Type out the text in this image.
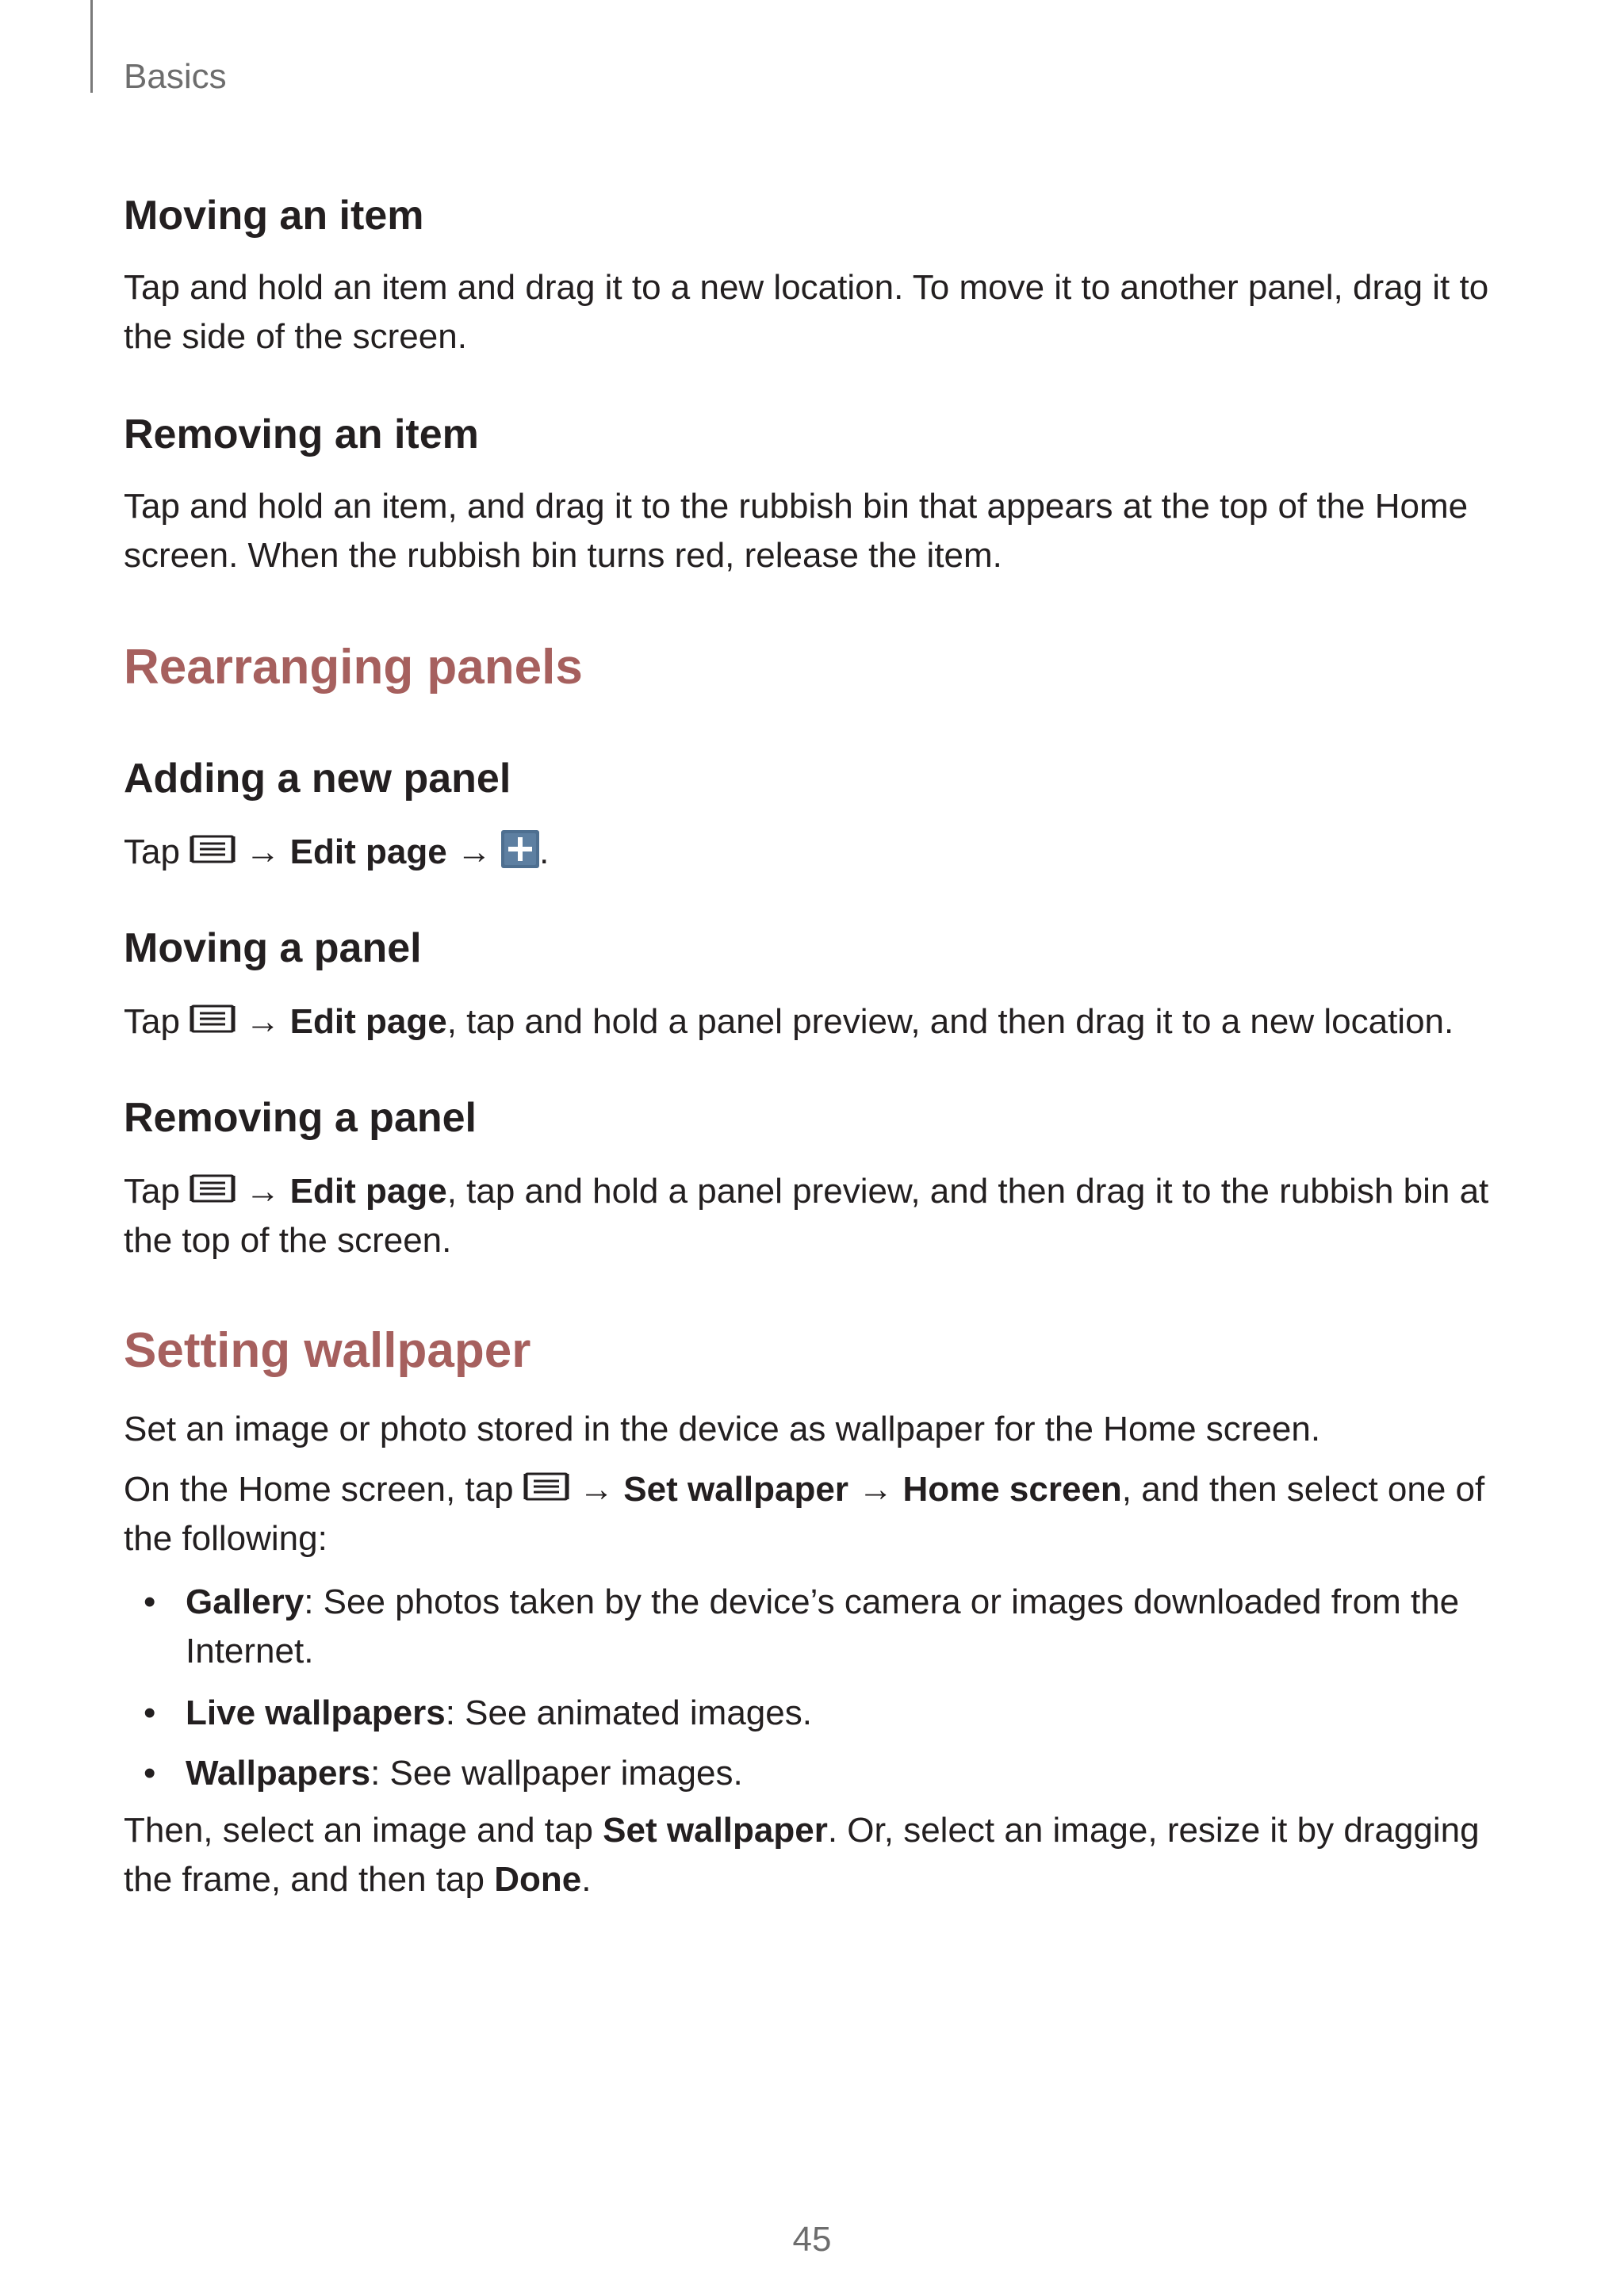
Basics
Moving an item
Tap and hold an item and drag it to a new location. To move it to another panel, drag it to the side of the screen.
Removing an item
Tap and hold an item, and drag it to the rubbish bin that appears at the top of the Home screen. When the rubbish bin turns red, release the item.
Rearranging panels
Adding a new panel
Tap → Edit page → .
Moving a panel
Tap → Edit page, tap and hold a panel preview, and then drag it to a new location.
Removing a panel
Tap → Edit page, tap and hold a panel preview, and then drag it to the rubbish bin at the top of the screen.
Setting wallpaper
Set an image or photo stored in the device as wallpaper for the Home screen.
On the Home screen, tap → Set wallpaper → Home screen, and then select one of the following:
• Gallery: See photos taken by the device’s camera or images downloaded from the Internet.
• Live wallpapers: See animated images.
• Wallpapers: See wallpaper images.
Then, select an image and tap Set wallpaper. Or, select an image, resize it by dragging the frame, and then tap Done.
45
